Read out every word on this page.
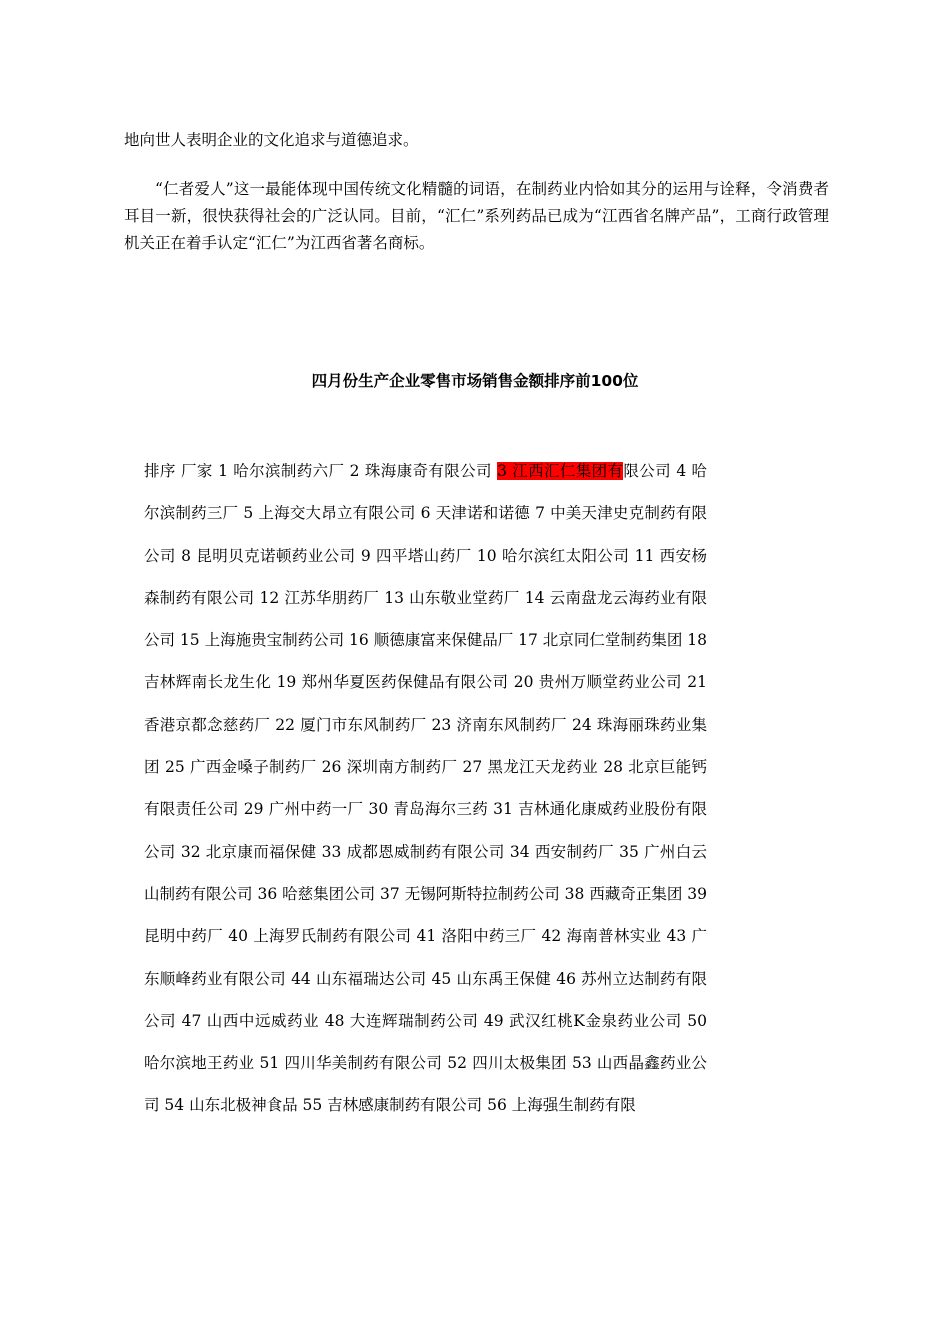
地向世人表明企业的文化追求与道德追求。

“仁者爱人”这一最能体现中国传统文化精髓的词语，在制药业内恰如其分的运用与诠释，令消费者耳目一新，很快获得社会的广泛认同。目前，“汇仁”系列药品已成为“江西省名牌产品”，工商行政管理机关正在着手认定“汇仁”为江西省著名商标。

四月份生产企业零售市场销售金额排序前100位

排序 厂家 1 哈尔滨制药六厂 2 珠海康奇有限公司 3 江西汇仁集团有限公司 4 哈尔滨制药三厂 5 上海交大昂立有限公司 6 天津诺和诺德 7 中美天津史克制药有限公司 8 昆明贝克诺顿药业公司 9 四平塔山药厂 10 哈尔滨红太阳公司 11 西安杨森制药有限公司 12 江苏华朋药厂 13 山东敬业堂药厂 14 云南盘龙云海药业有限公司 15 上海施贵宝制药公司 16 顺德康富来保健品厂 17 北京同仁堂制药集团 18 吉林辉南长龙生化 19 郑州华夏医药保健品有限公司 20 贵州万顺堂药业公司 21 香港京都念慈药厂 22 厦门市东风制药厂 23 济南东风制药厂 24 珠海丽珠药业集团 25 广西金嗓子制药厂 26 深圳南方制药厂 27 黑龙江天龙药业 28 北京巨能钙有限责任公司 29 广州中药一厂 30 青岛海尔三药 31 吉林通化康威药业股份有限公司 32 北京康而福保健 33 成都恩威制药有限公司 34 西安制药厂 35 广州白云山制药有限公司 36 哈慈集团公司 37 无锡阿斯特拉制药公司 38 西藏奇正集团 39 昆明中药厂 40 上海罗氏制药有限公司 41 洛阳中药三厂 42 海南普林实业 43 广东顺峰药业有限公司 44 山东福瑞达公司 45 山东禹王保健 46 苏州立达制药有限公司 47 山西中远威药业 48 大连辉瑞制药公司 49 武汉红桃K金泉药业公司 50 哈尔滨地王药业 51 四川华美制药有限公司 52 四川太极集团 53 山西晶鑫药业公司 54 山东北极神食品 55 吉林感康制药有限公司 56 上海强生制药有限
